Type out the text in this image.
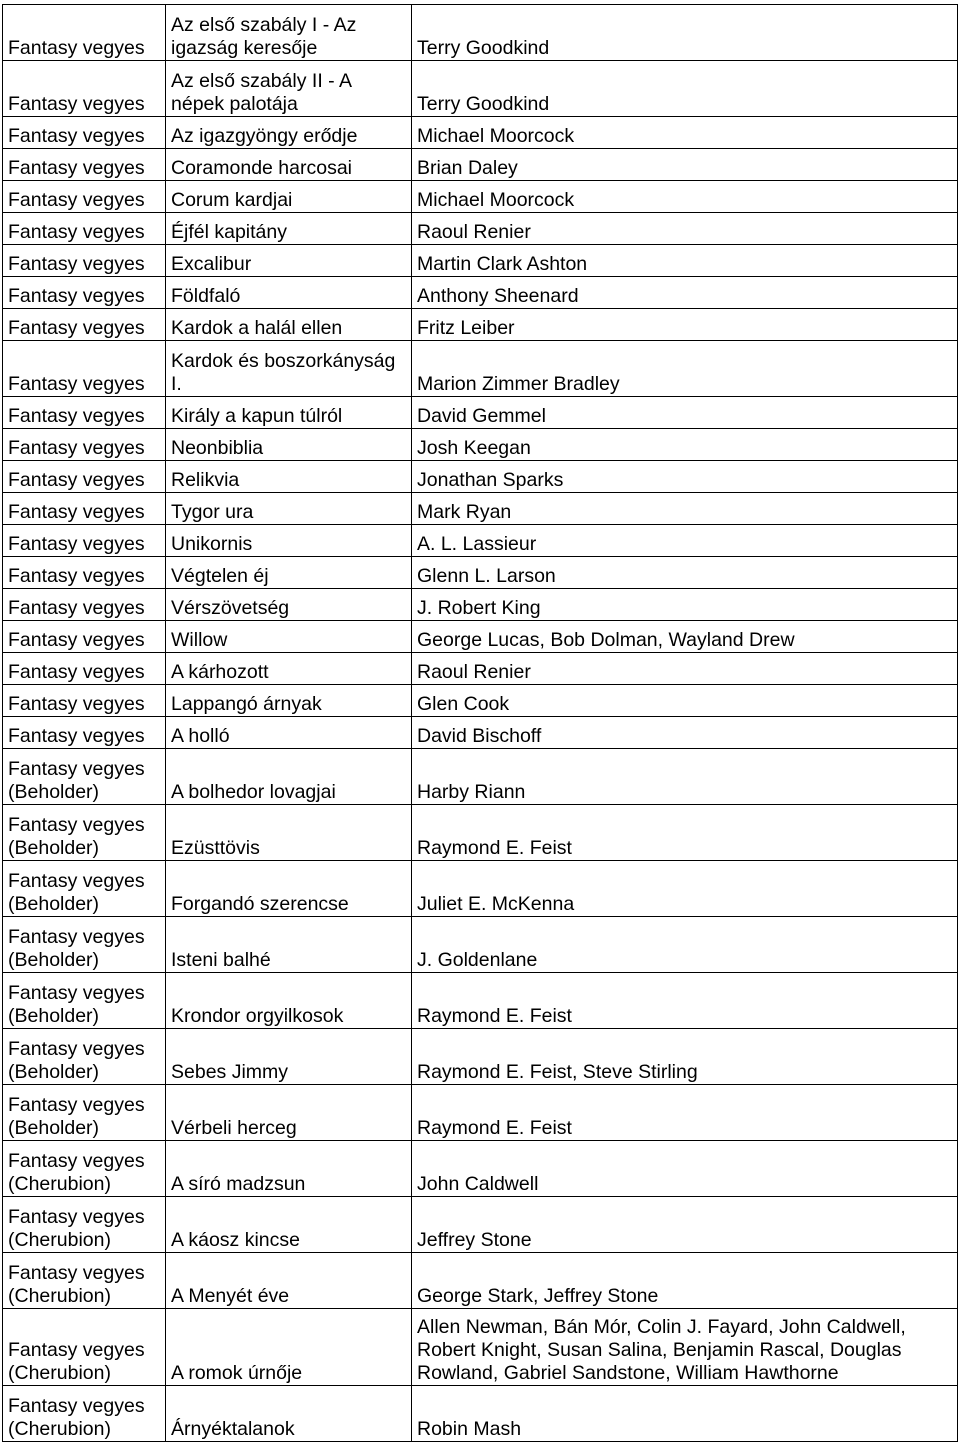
Fantasy vegyes	Az első szabály I - Az igazság keresője	Terry Goodkind
Fantasy vegyes	Az első szabály II - A népek palotája	Terry Goodkind
Fantasy vegyes	Az igazgyöngy erődje	Michael Moorcock
Fantasy vegyes	Coramonde harcosai	Brian Daley
Fantasy vegyes	Corum kardjai	Michael Moorcock
Fantasy vegyes	Éjfél kapitány	Raoul Renier
Fantasy vegyes	Excalibur	Martin Clark Ashton
Fantasy vegyes	Földfaló	Anthony Sheenard
Fantasy vegyes	Kardok a halál ellen	Fritz Leiber
Fantasy vegyes	Kardok és boszorkányság I.	Marion Zimmer Bradley
Fantasy vegyes	Király a kapun túlról	David Gemmel
Fantasy vegyes	Neonbiblia	Josh Keegan
Fantasy vegyes	Relikvia	Jonathan Sparks
Fantasy vegyes	Tygor ura	Mark Ryan
Fantasy vegyes	Unikornis	A. L. Lassieur
Fantasy vegyes	Végtelen éj	Glenn L. Larson
Fantasy vegyes	Vérszövetség	J. Robert King
Fantasy vegyes	Willow	George Lucas, Bob Dolman, Wayland Drew
Fantasy vegyes	A kárhozott	Raoul Renier
Fantasy vegyes	Lappangó árnyak	Glen Cook
Fantasy vegyes	A holló	David Bischoff
Fantasy vegyes (Beholder)	A bolhedor lovagjai	Harby Riann
Fantasy vegyes (Beholder)	Ezüsttövis	Raymond E. Feist
Fantasy vegyes (Beholder)	Forgandó szerencse	Juliet E. McKenna
Fantasy vegyes (Beholder)	Isteni balhé	J. Goldenlane
Fantasy vegyes (Beholder)	Krondor orgyilkosok	Raymond E. Feist
Fantasy vegyes (Beholder)	Sebes Jimmy	Raymond E. Feist, Steve Stirling
Fantasy vegyes (Beholder)	Vérbeli herceg	Raymond E. Feist
Fantasy vegyes (Cherubion)	A síró madzsun	John Caldwell
Fantasy vegyes (Cherubion)	A káosz kincse	Jeffrey Stone
Fantasy vegyes (Cherubion)	A Menyét éve	George Stark, Jeffrey Stone
Fantasy vegyes (Cherubion)	A romok úrnője	Allen Newman, Bán Mór, Colin J. Fayard, John Caldwell, Robert Knight, Susan Salina, Benjamin Rascal, Douglas Rowland, Gabriel Sandstone, William Hawthorne
Fantasy vegyes (Cherubion)	Árnyéktalanok	Robin Mash
